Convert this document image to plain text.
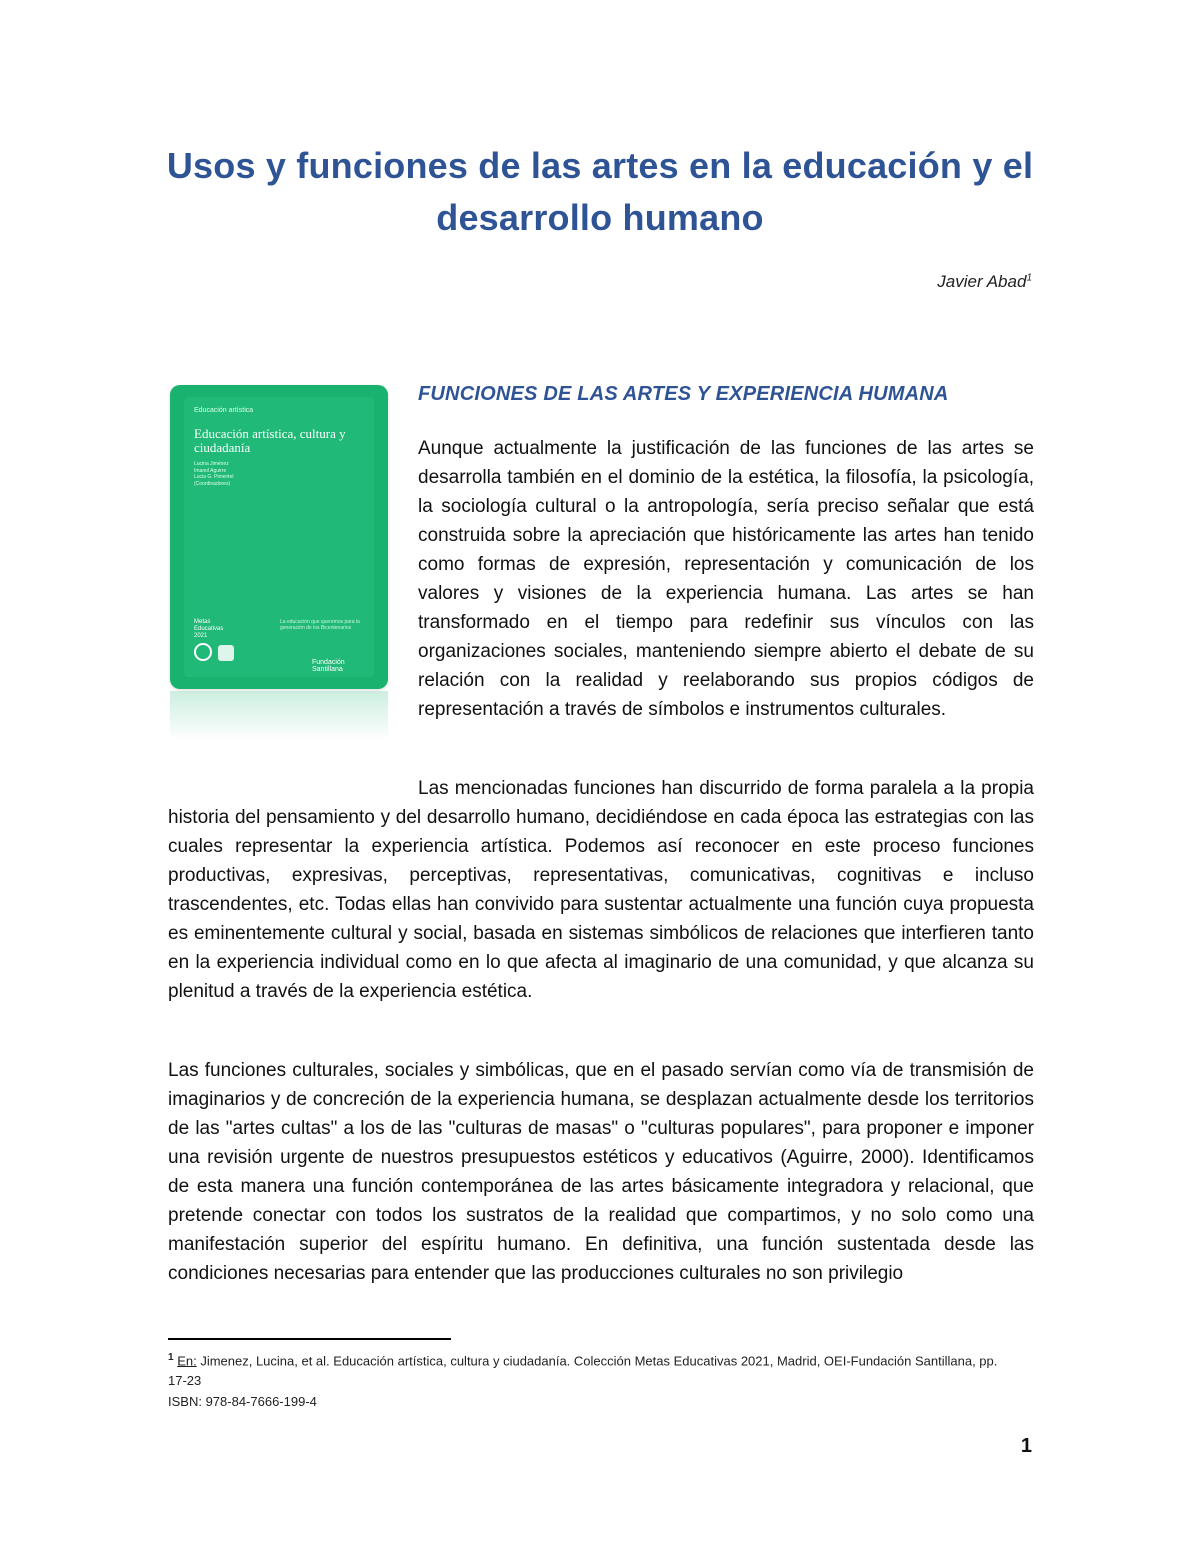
Usos y funciones de las artes en la educación y el desarrollo humano
Javier Abad$^1$
Educación artística
Educación artística, cultura y ciudadanía
Lucina Jiménez
Imanol Aguirre
Lucia G. Pimentel
(Coordinadores)
Metas
Educativas
2021
La educación que queremos para la generación de los Bicentenarios
Fundación Santillana
FUNCIONES DE LAS ARTES Y EXPERIENCIA HUMANA

Aunque actualmente la justificación de las funciones de las artes se desarrolla también en el dominio de la estética, la filosofía, la psicología, la sociología cultural o la antropología, sería preciso señalar que está construida sobre la apreciación que históricamente las artes han tenido como formas de expresión, representación y comunicación de los valores y visiones de la experiencia humana. Las artes se han transformado en el tiempo para redefinir sus vínculos con las organizaciones sociales, manteniendo siempre abierto el debate de su relación con la realidad y reelaborando sus propios códigos de representación a través de símbolos e instrumentos culturales.

Las mencionadas funciones han discurrido de forma paralela a la propia historia del pensamiento y del desarrollo humano, decidiéndose en cada época las estrategias con las cuales representar la experiencia artística. Podemos así reconocer en este proceso funciones productivas, expresivas, perceptivas, representativas, comunicativas, cognitivas e incluso trascendentes, etc. Todas ellas han convivido para sustentar actualmente una función cuya propuesta es eminentemente cultural y social, basada en sistemas simbólicos de relaciones que interfieren tanto en la experiencia individual como en lo que afecta al imaginario de una comunidad, y que alcanza su plenitud a través de la experiencia estética.

Las funciones culturales, sociales y simbólicas, que en el pasado servían como vía de transmisión de imaginarios y de concreción de la experiencia humana, se desplazan actualmente desde los territorios de las "artes cultas" a los de las "culturas de masas" o "culturas populares", para proponer e imponer una revisión urgente de nuestros presupuestos estéticos y educativos (Aguirre, 2000). Identificamos de esta manera una función contemporánea de las artes básicamente integradora y relacional, que pretende conectar con todos los sustratos de la realidad que compartimos, y no solo como una manifestación superior del espíritu humano. En definitiva, una función sustentada desde las condiciones necesarias para entender que las producciones culturales no son privilegio

$^1$ En: Jimenez, Lucina, et al. Educación artística, cultura y ciudadanía. Colección Metas Educativas 2021, Madrid, OEI-Fundación Santillana, pp. 17-23

ISBN: 978-84-7666-199-4
1
